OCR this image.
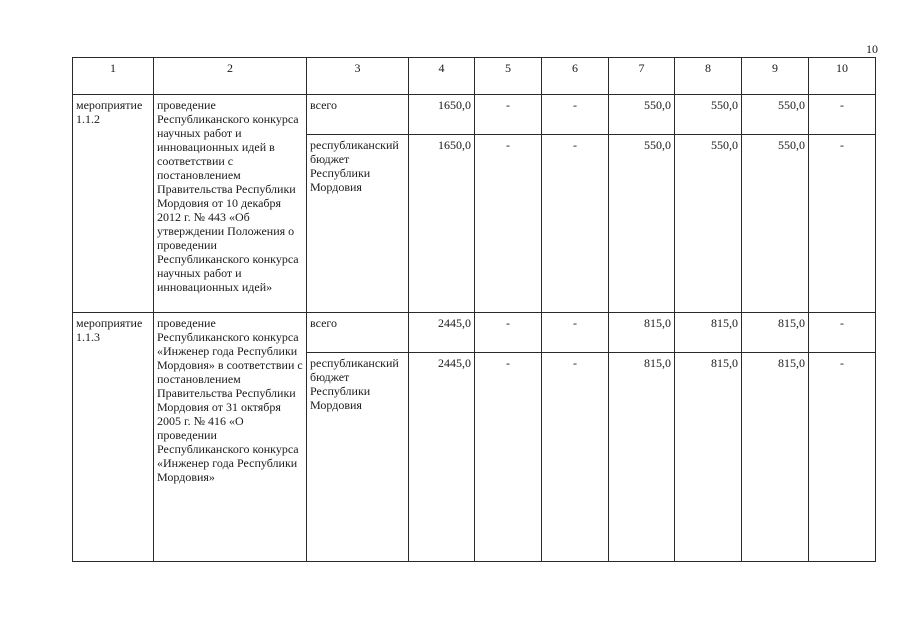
10
1	2	3	4	5	6	7	8	9	10
мероприятие 1.1.2	проведение Республиканского конкурса научных работ и инновационных идей в соответствии с постановлением Правительства Республики Мордовия от 10 декабря 2012 г. № 443 «Об утверждении Положения о проведении Республиканского конкурса научных работ и инновационных идей»	всего	1650,0	-	-	550,0	550,0	550,0	-
		республиканский бюджет Республики Мордовия	1650,0	-	-	550,0	550,0	550,0	-
мероприятие 1.1.3	проведение Республиканского конкурса «Инженер года Республики Мордовия» в соответствии с постановлением Правительства Республики Мордовия от 31 октября 2005 г. № 416 «О проведении Республиканского конкурса «Инженер года Республики Мордовия»	всего	2445,0	-	-	815,0	815,0	815,0	-
		республиканский бюджет Республики Мордовия	2445,0	-	-	815,0	815,0	815,0	-
